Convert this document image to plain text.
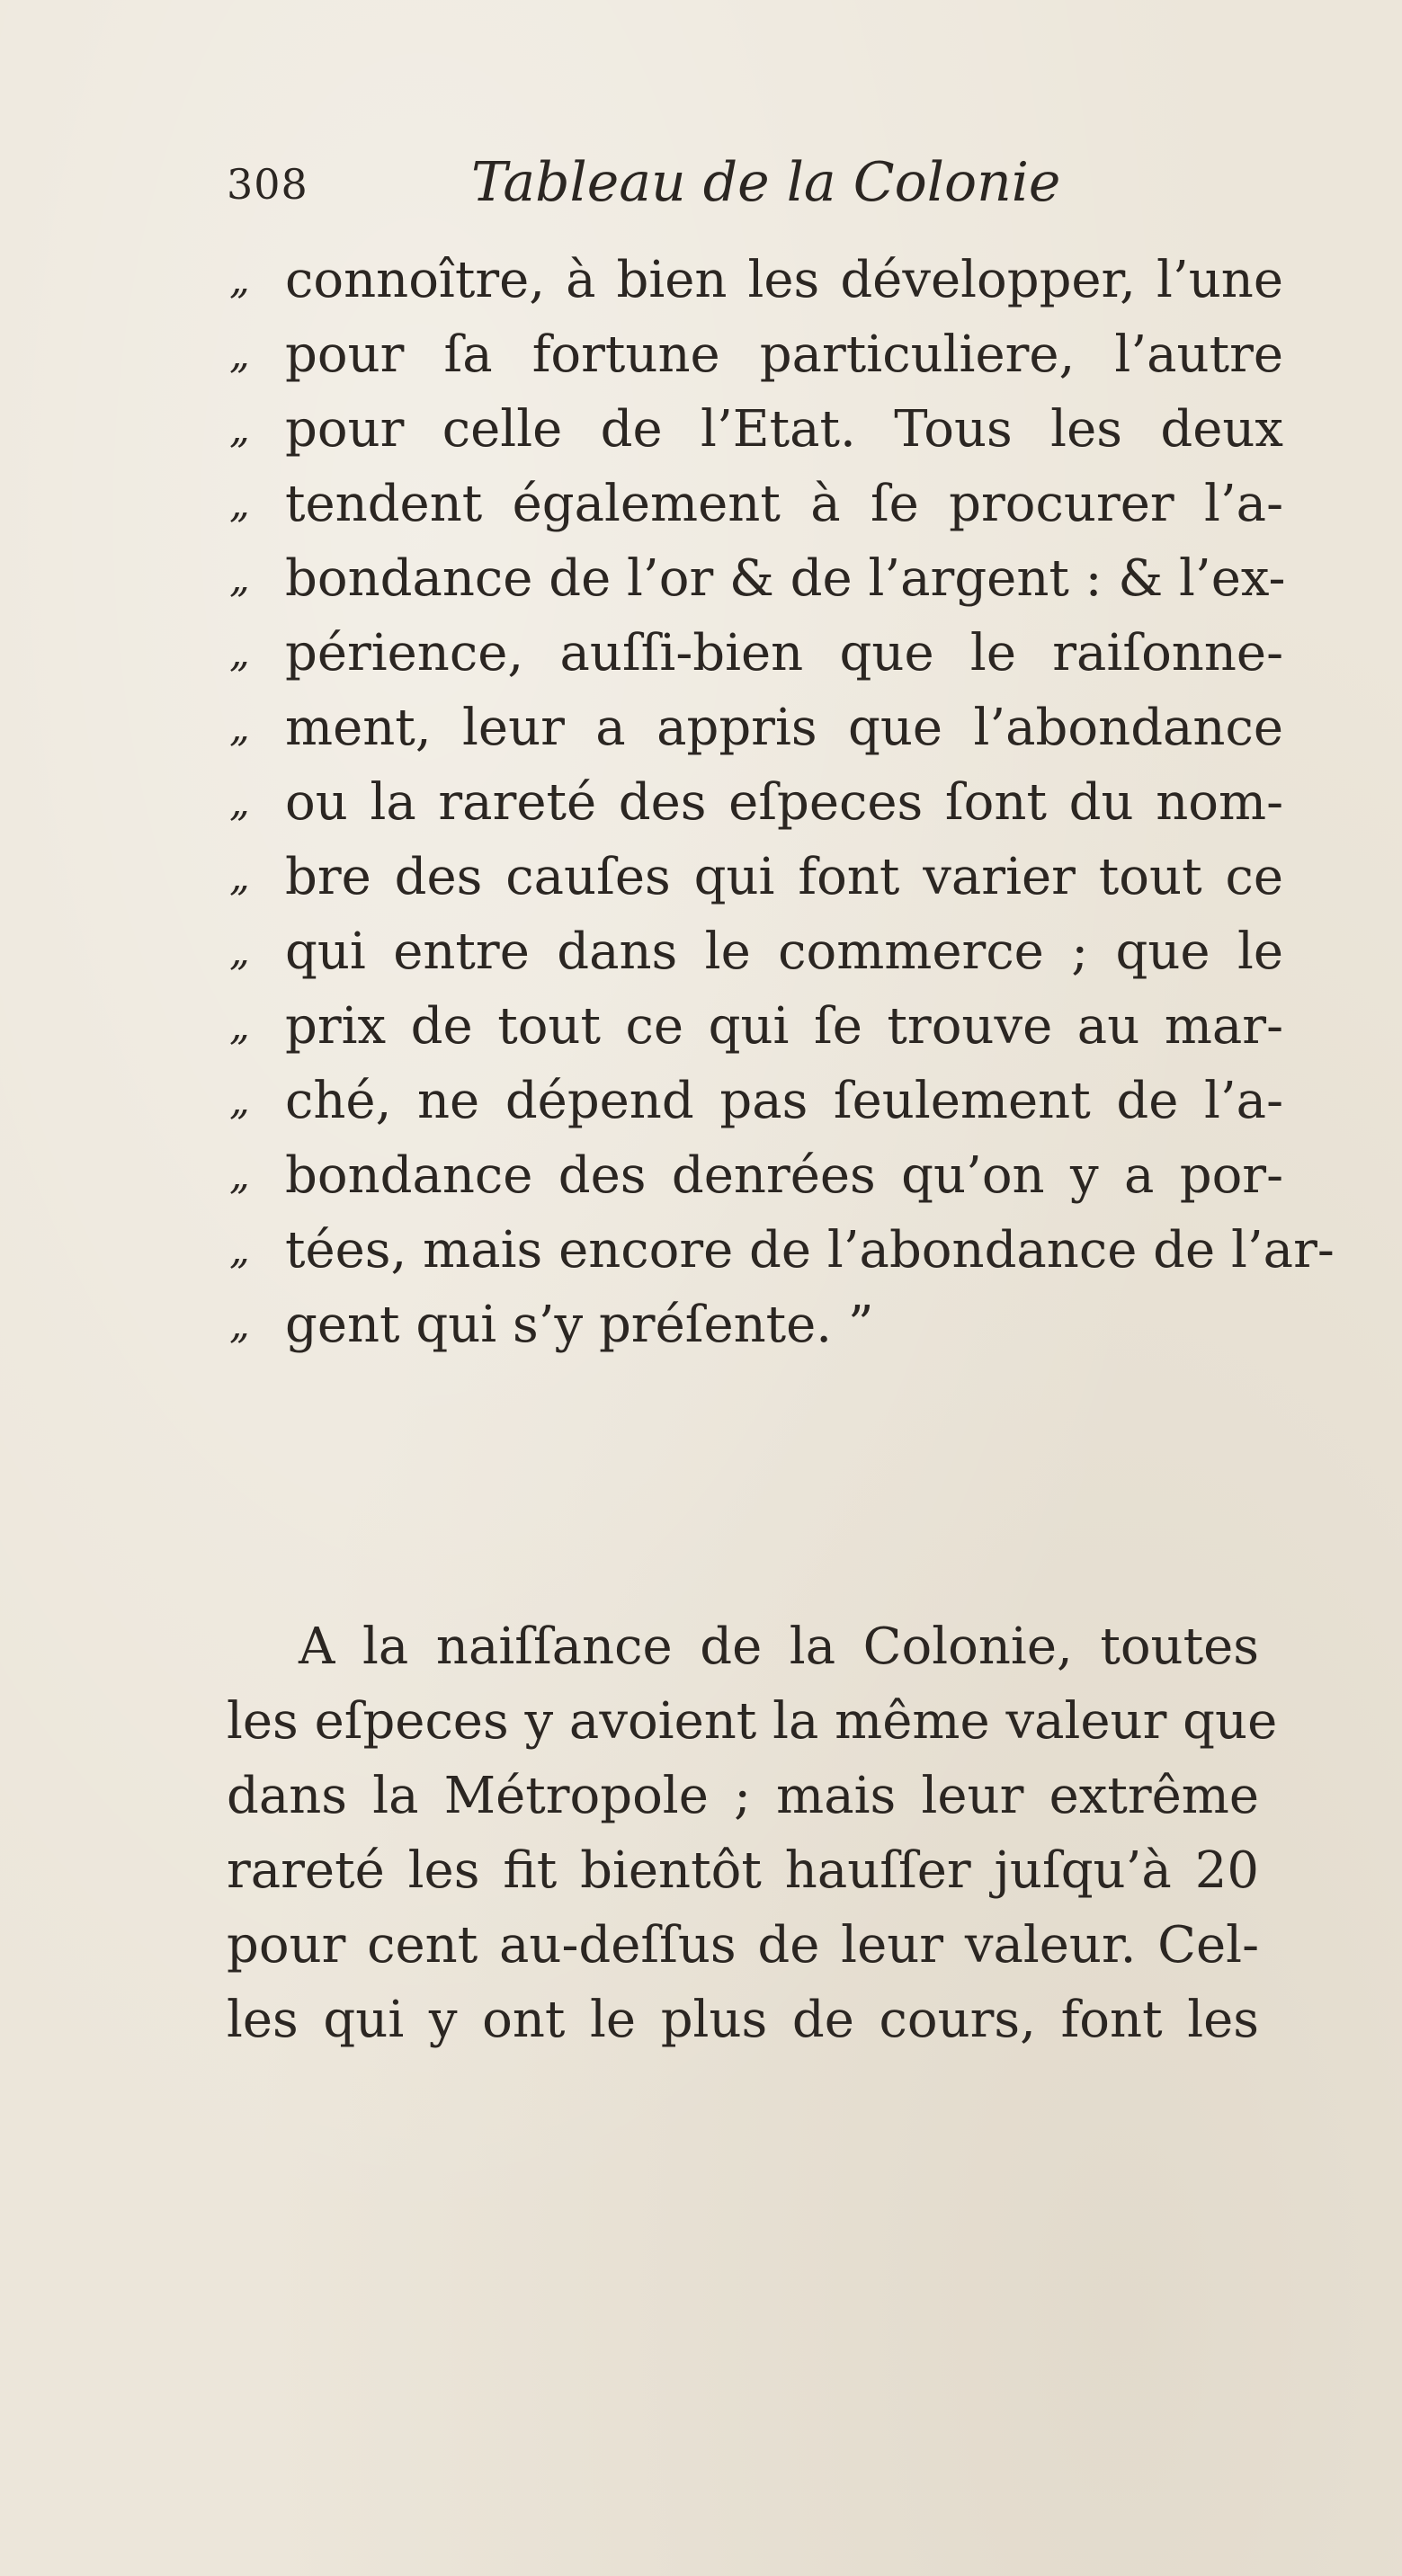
308	Tableau de la Colonie
„ connoître, à bien les développer, l’une
„ pour ſa fortune particuliere, l’autre
„ pour celle de l’Etat. Tous les deux
„ tendent également à ſe procurer l’a-
„ bondance de l’or & de l’argent : & l’ex-
„ périence, auſſi-bien que le raiſonne-
„ ment, leur a appris que l’abondance
„ ou la rareté des eſpeces ſont du nom-
„ bre des cauſes qui font varier tout ce
„ qui entre dans le commerce ; que le
„ prix de tout ce qui ſe trouve au mar-
„ ché, ne dépend pas ſeulement de l’a-
„ bondance des denrées qu’on y a por-
„ tées, mais encore de l’abondance de l’ar-
„ gent qui s’y préſente. ”
A la naiſſance de la Colonie, toutes
les eſpeces y avoient la même valeur que
dans la Métropole ; mais leur extrême
rareté les fit bientôt hauſſer juſqu’à 20
pour cent au-deſſus de leur valeur. Cel-
les qui y ont le plus de cours, font les
